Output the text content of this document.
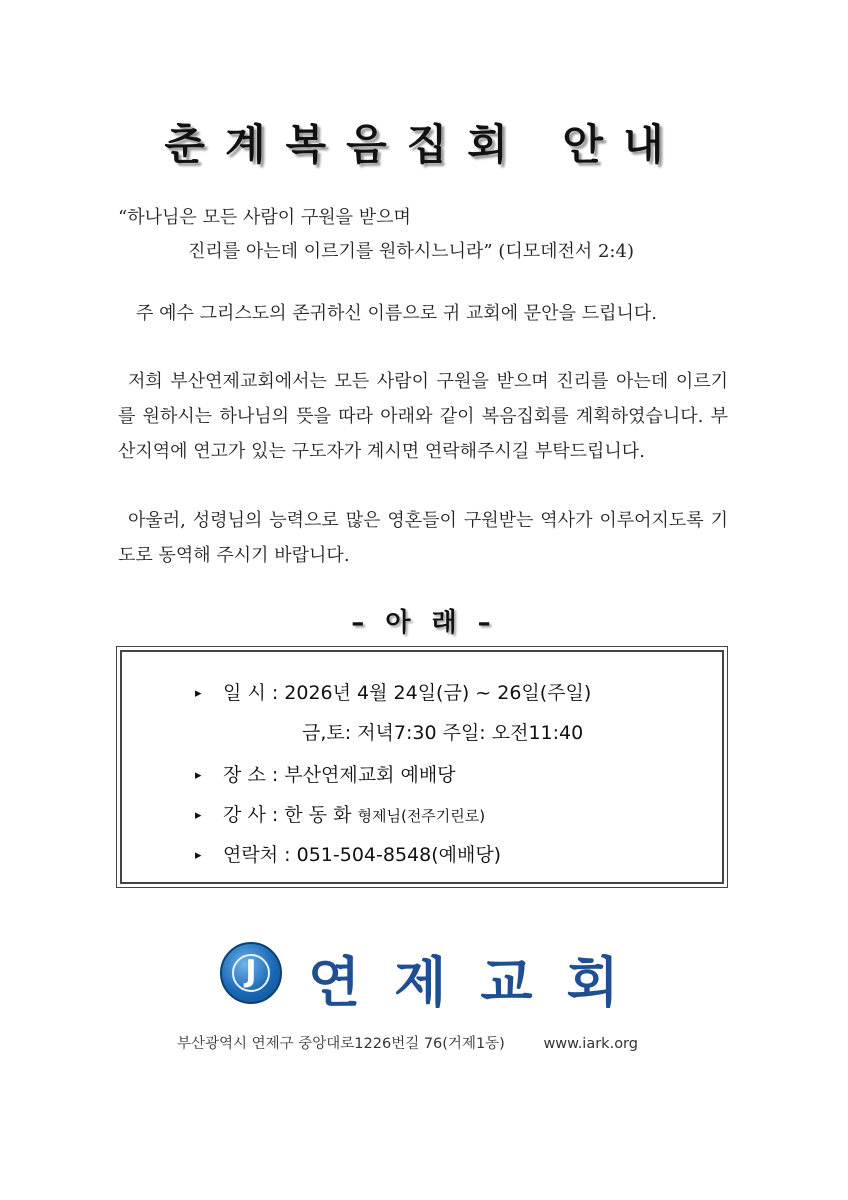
춘계복음집회 안내
“하나님은 모든 사람이 구원을 받으며
진리를 아는데 이르기를 원하시느니라” (디모데전서 2:4)

주 예수 그리스도의 존귀하신 이름으로 귀 교회에 문안을 드립니다.

저희 부산연제교회에서는 모든 사람이 구원을 받으며 진리를 아는데 이르기를 원하시는 하나님의 뜻을 따라 아래와 같이 복음집회를 계획하였습니다. 부산지역에 연고가 있는 구도자가 계시면 연락해주시길 부탁드립니다.

아울러, 성령님의 능력으로 많은 영혼들이 구원받는 역사가 이루어지도록 기도로 동역해 주시기 바랍니다.

– 아 래 –
▸ 일 시 : 2026년 4월 24일(금) ~ 26일(주일)
금,토: 저녁7:30 주일: 오전11:40
▸ 장 소 : 부산연제교회 예배당
▸ 강 사 : 한 동 화 형제님(전주기린로)
▸ 연락처 : 051-504-8548(예배당)
J 연제교회
부산광역시 연제구 중앙대로1226번길 76(거제1동)	www.iark.org
